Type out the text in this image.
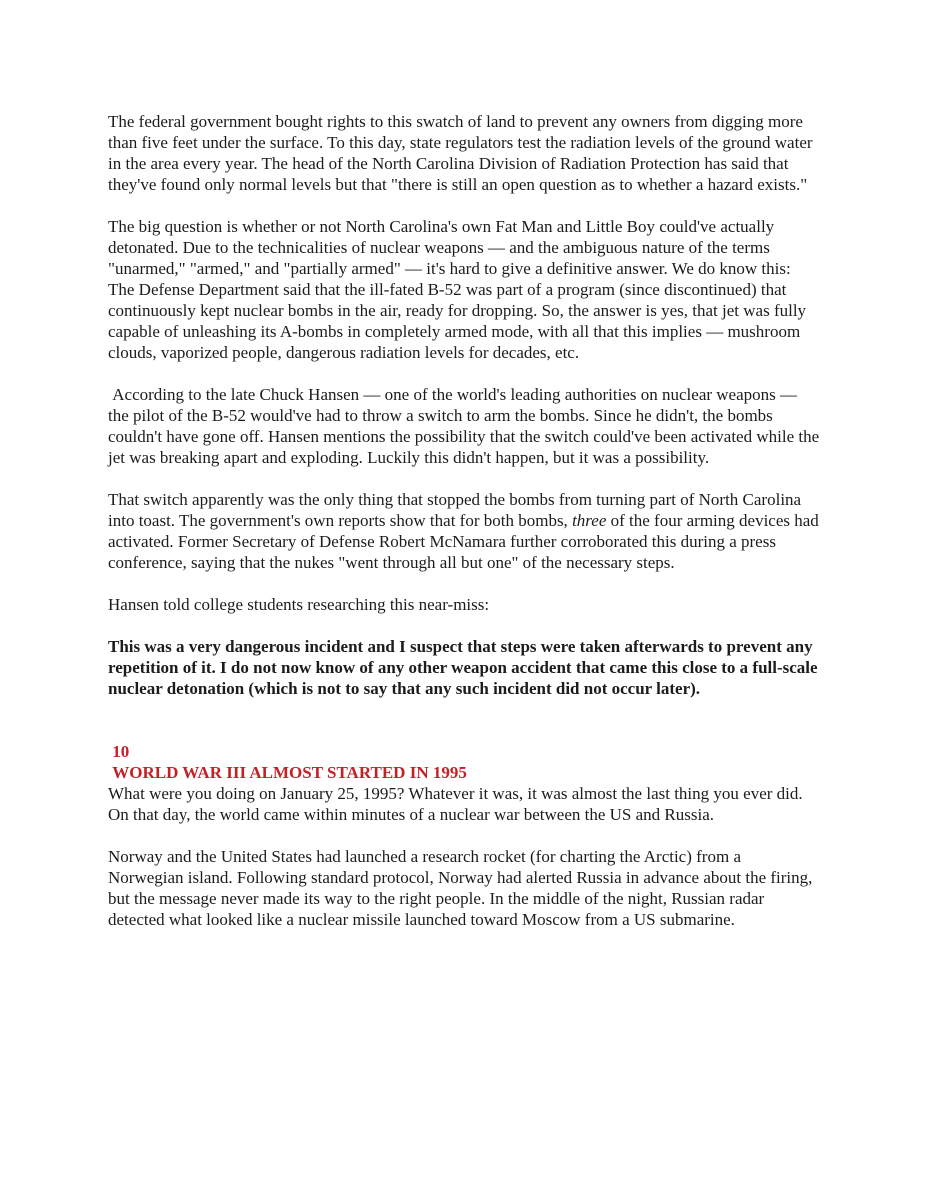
The federal government bought rights to this swatch of land to prevent any owners from digging more than five feet under the surface. To this day, state regulators test the radiation levels of the ground water in the area every year. The head of the North Carolina Division of Radiation Protection has said that they've found only normal levels but that "there is still an open question as to whether a hazard exists."

The big question is whether or not North Carolina's own Fat Man and Little Boy could've actually detonated. Due to the technicalities of nuclear weapons — and the ambiguous nature of the terms "unarmed," "armed," and "partially armed" — it's hard to give a definitive answer. We do know this: The Defense Department said that the ill-fated B-52 was part of a program (since discontinued) that continuously kept nuclear bombs in the air, ready for dropping. So, the answer is yes, that jet was fully capable of unleashing its A-bombs in completely armed mode, with all that this implies — mushroom clouds, vaporized people, dangerous radiation levels for decades, etc.

According to the late Chuck Hansen — one of the world's leading authorities on nuclear weapons — the pilot of the B-52 would've had to throw a switch to arm the bombs. Since he didn't, the bombs couldn't have gone off. Hansen mentions the possibility that the switch could've been activated while the jet was breaking apart and exploding. Luckily this didn't happen, but it was a possibility.

That switch apparently was the only thing that stopped the bombs from turning part of North Carolina into toast. The government's own reports show that for both bombs, three of the four arming devices had activated. Former Secretary of Defense Robert McNamara further corroborated this during a press conference, saying that the nukes "went through all but one" of the necessary steps.

Hansen told college students researching this near-miss:

This was a very dangerous incident and I suspect that steps were taken afterwards to prevent any repetition of it. I do not now know of any other weapon accident that came this close to a full-scale nuclear detonation (which is not to say that any such incident did not occur later).

10

WORLD WAR III ALMOST STARTED IN 1995

What were you doing on January 25, 1995? Whatever it was, it was almost the last thing you ever did. On that day, the world came within minutes of a nuclear war between the US and Russia.

Norway and the United States had launched a research rocket (for charting the Arctic) from a Norwegian island. Following standard protocol, Norway had alerted Russia in advance about the firing, but the message never made its way to the right people. In the middle of the night, Russian radar detected what looked like a nuclear missile launched toward Moscow from a US submarine.
